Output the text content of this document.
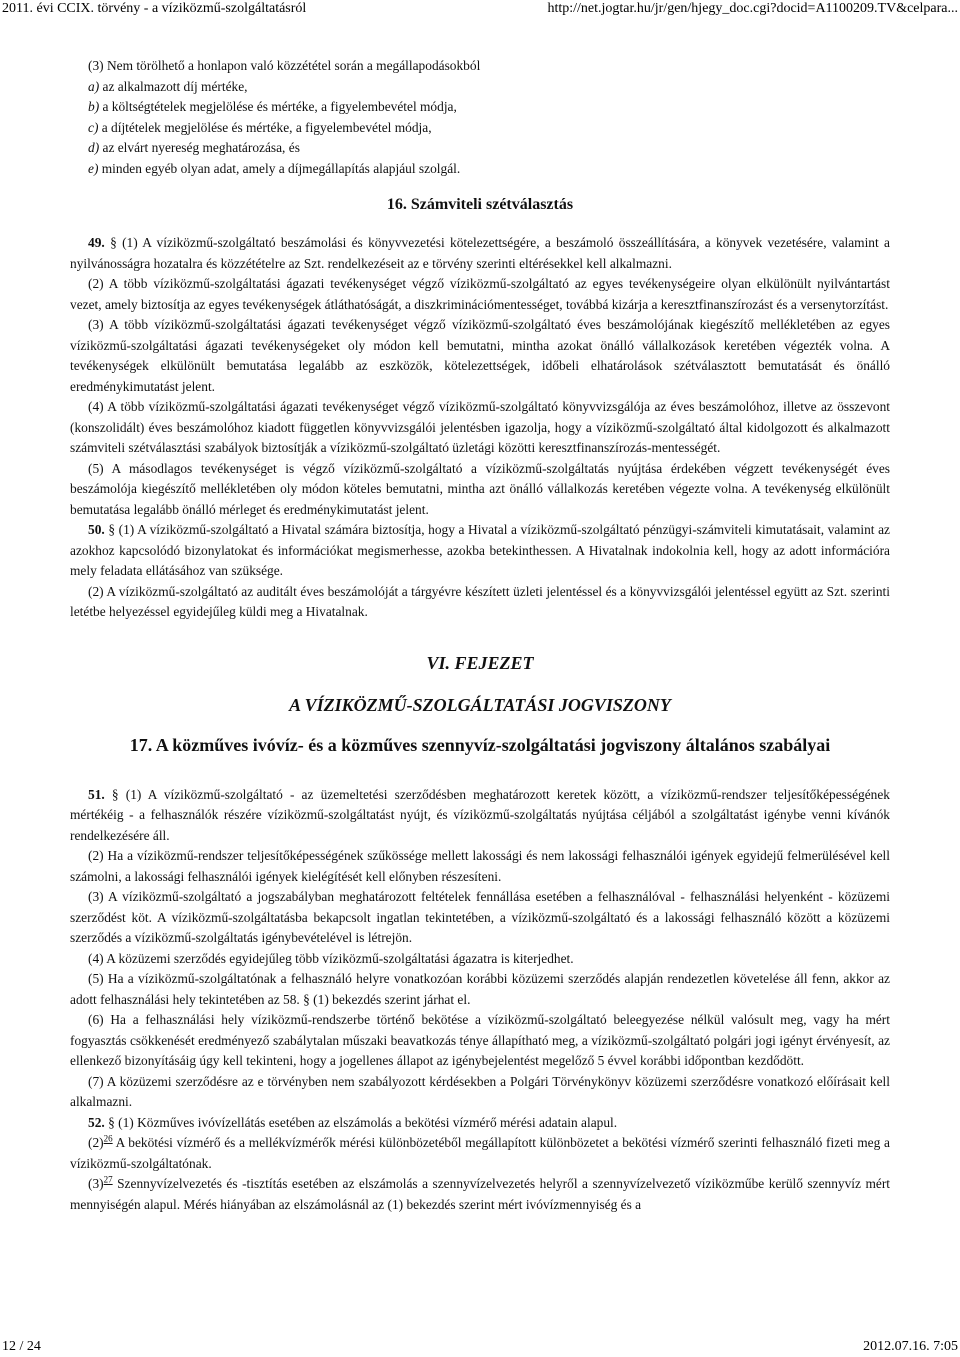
2011. évi CCIX. törvény - a víziközmű-szolgáltatásról	http://net.jogtar.hu/jr/gen/hjegy_doc.cgi?docid=A1100209.TV&celpara...

(3) Nem törölhető a honlapon való közzététel során a megállapodásokból

a) az alkalmazott díj mértéke,

b) a költségtételek megjelölése és mértéke, a figyelembevétel módja,

c) a díjtételek megjelölése és mértéke, a figyelembevétel módja,

d) az elvárt nyereség meghatározása, és

e) minden egyéb olyan adat, amely a díjmegállapítás alapjául szolgál.

16. Számviteli szétválasztás

49. § (1) A víziközmű-szolgáltató beszámolási és könyvvezetési kötelezettségére, a beszámoló összeállítására, a könyvek vezetésére, valamint a nyilvánosságra hozatalra és közzétételre az Szt. rendelkezéseit az e törvény szerinti eltérésekkel kell alkalmazni.

(2) A több víziközmű-szolgáltatási ágazati tevékenységet végző víziközmű-szolgáltató az egyes tevékenységeire olyan elkülönült nyilvántartást vezet, amely biztosítja az egyes tevékenységek átláthatóságát, a diszkriminációmentességet, továbbá kizárja a keresztfinanszírozást és a versenytorzítást.

(3) A több víziközmű-szolgáltatási ágazati tevékenységet végző víziközmű-szolgáltató éves beszámolójának kiegészítő mellékletében az egyes víziközmű-szolgáltatási ágazati tevékenységeket oly módon kell bemutatni, mintha azokat önálló vállalkozások keretében végezték volna. A tevékenységek elkülönült bemutatása legalább az eszközök, kötelezettségek, időbeli elhatárolások szétválasztott bemutatását és önálló eredménykimutatást jelent.

(4) A több víziközmű-szolgáltatási ágazati tevékenységet végző víziközmű-szolgáltató könyvvizsgálója az éves beszámolóhoz, illetve az összevont (konszolidált) éves beszámolóhoz kiadott független könyvvizsgálói jelentésben igazolja, hogy a víziközmű-szolgáltató által kidolgozott és alkalmazott számviteli szétválasztási szabályok biztosítják a víziközmű-szolgáltató üzletági közötti keresztfinanszírozás-mentességét.

(5) A másodlagos tevékenységet is végző víziközmű-szolgáltató a víziközmű-szolgáltatás nyújtása érdekében végzett tevékenységét éves beszámolója kiegészítő mellékletében oly módon köteles bemutatni, mintha azt önálló vállalkozás keretében végezte volna. A tevékenység elkülönült bemutatása legalább önálló mérleget és eredménykimutatást jelent.

50. § (1) A víziközmű-szolgáltató a Hivatal számára biztosítja, hogy a Hivatal a víziközmű-szolgáltató pénzügyi-számviteli kimutatásait, valamint az azokhoz kapcsolódó bizonylatokat és információkat megismerhesse, azokba betekinthessen. A Hivatalnak indokolnia kell, hogy az adott információra mely feladata ellátásához van szüksége.

(2) A víziközmű-szolgáltató az auditált éves beszámolóját a tárgyévre készített üzleti jelentéssel és a könyvvizsgálói jelentéssel együtt az Szt. szerinti letétbe helyezéssel egyidejűleg küldi meg a Hivatalnak.

VI. FEJEZET
A VÍZIKÖZMŰ-SZOLGÁLTATÁSI JOGVISZONY
17. A közműves ivóvíz- és a közműves szennyvíz-szolgáltatási jogviszony általános szabályai

51. § (1) A víziközmű-szolgáltató - az üzemeltetési szerződésben meghatározott keretek között, a víziközmű-rendszer teljesítőképességének mértékéig - a felhasználók részére víziközmű-szolgáltatást nyújt, és víziközmű-szolgáltatás nyújtása céljából a szolgáltatást igénybe venni kívánók rendelkezésére áll.

(2) Ha a víziközmű-rendszer teljesítőképességének szűkössége mellett lakossági és nem lakossági felhasználói igények egyidejű felmerülésével kell számolni, a lakossági felhasználói igények kielégítését kell előnyben részesíteni.

(3) A víziközmű-szolgáltató a jogszabályban meghatározott feltételek fennállása esetében a felhasználóval - felhasználási helyenként - közüzemi szerződést köt. A víziközmű-szolgáltatásba bekapcsolt ingatlan tekintetében, a víziközmű-szolgáltató és a lakossági felhasználó között a közüzemi szerződés a víziközmű-szolgáltatás igénybevételével is létrejön.

(4) A közüzemi szerződés egyidejűleg több víziközmű-szolgáltatási ágazatra is kiterjedhet.

(5) Ha a víziközmű-szolgáltatónak a felhasználó helyre vonatkozóan korábbi közüzemi szerződés alapján rendezetlen követelése áll fenn, akkor az adott felhasználási hely tekintetében az 58. § (1) bekezdés szerint járhat el.

(6) Ha a felhasználási hely víziközmű-rendszerbe történő bekötése a víziközmű-szolgáltató beleegyezése nélkül valósult meg, vagy ha mért fogyasztás csökkenését eredményező szabálytalan műszaki beavatkozás ténye állapítható meg, a víziközmű-szolgáltató polgári jogi igényt érvényesít, az ellenkező bizonyításáig úgy kell tekinteni, hogy a jogellenes állapot az igénybejelentést megelőző 5 évvel korábbi időpontban kezdődött.

(7) A közüzemi szerződésre az e törvényben nem szabályozott kérdésekben a Polgári Törvénykönyv közüzemi szerződésre vonatkozó előírásait kell alkalmazni.

52. § (1) Közműves ivóvízellátás esetében az elszámolás a bekötési vízmérő mérési adatain alapul.

$(2)^{26}$ A bekötési vízmérő és a mellékvízmérők mérési különbözetéből megállapított különbözetet a bekötési vízmérő szerinti felhasználó fizeti meg a víziközmű-szolgáltatónak.

$(3)^{27}$ Szennyvízelvezetés és -tisztítás esetében az elszámolás a szennyvízelvezetés helyről a szennyvízelvezető víziközműbe kerülő szennyvíz mért mennyiségén alapul. Mérés hiányában az elszámolásnál az (1) bekezdés szerint mért ivóvízmennyiség és a

12 / 24	2012.07.16. 7:05
